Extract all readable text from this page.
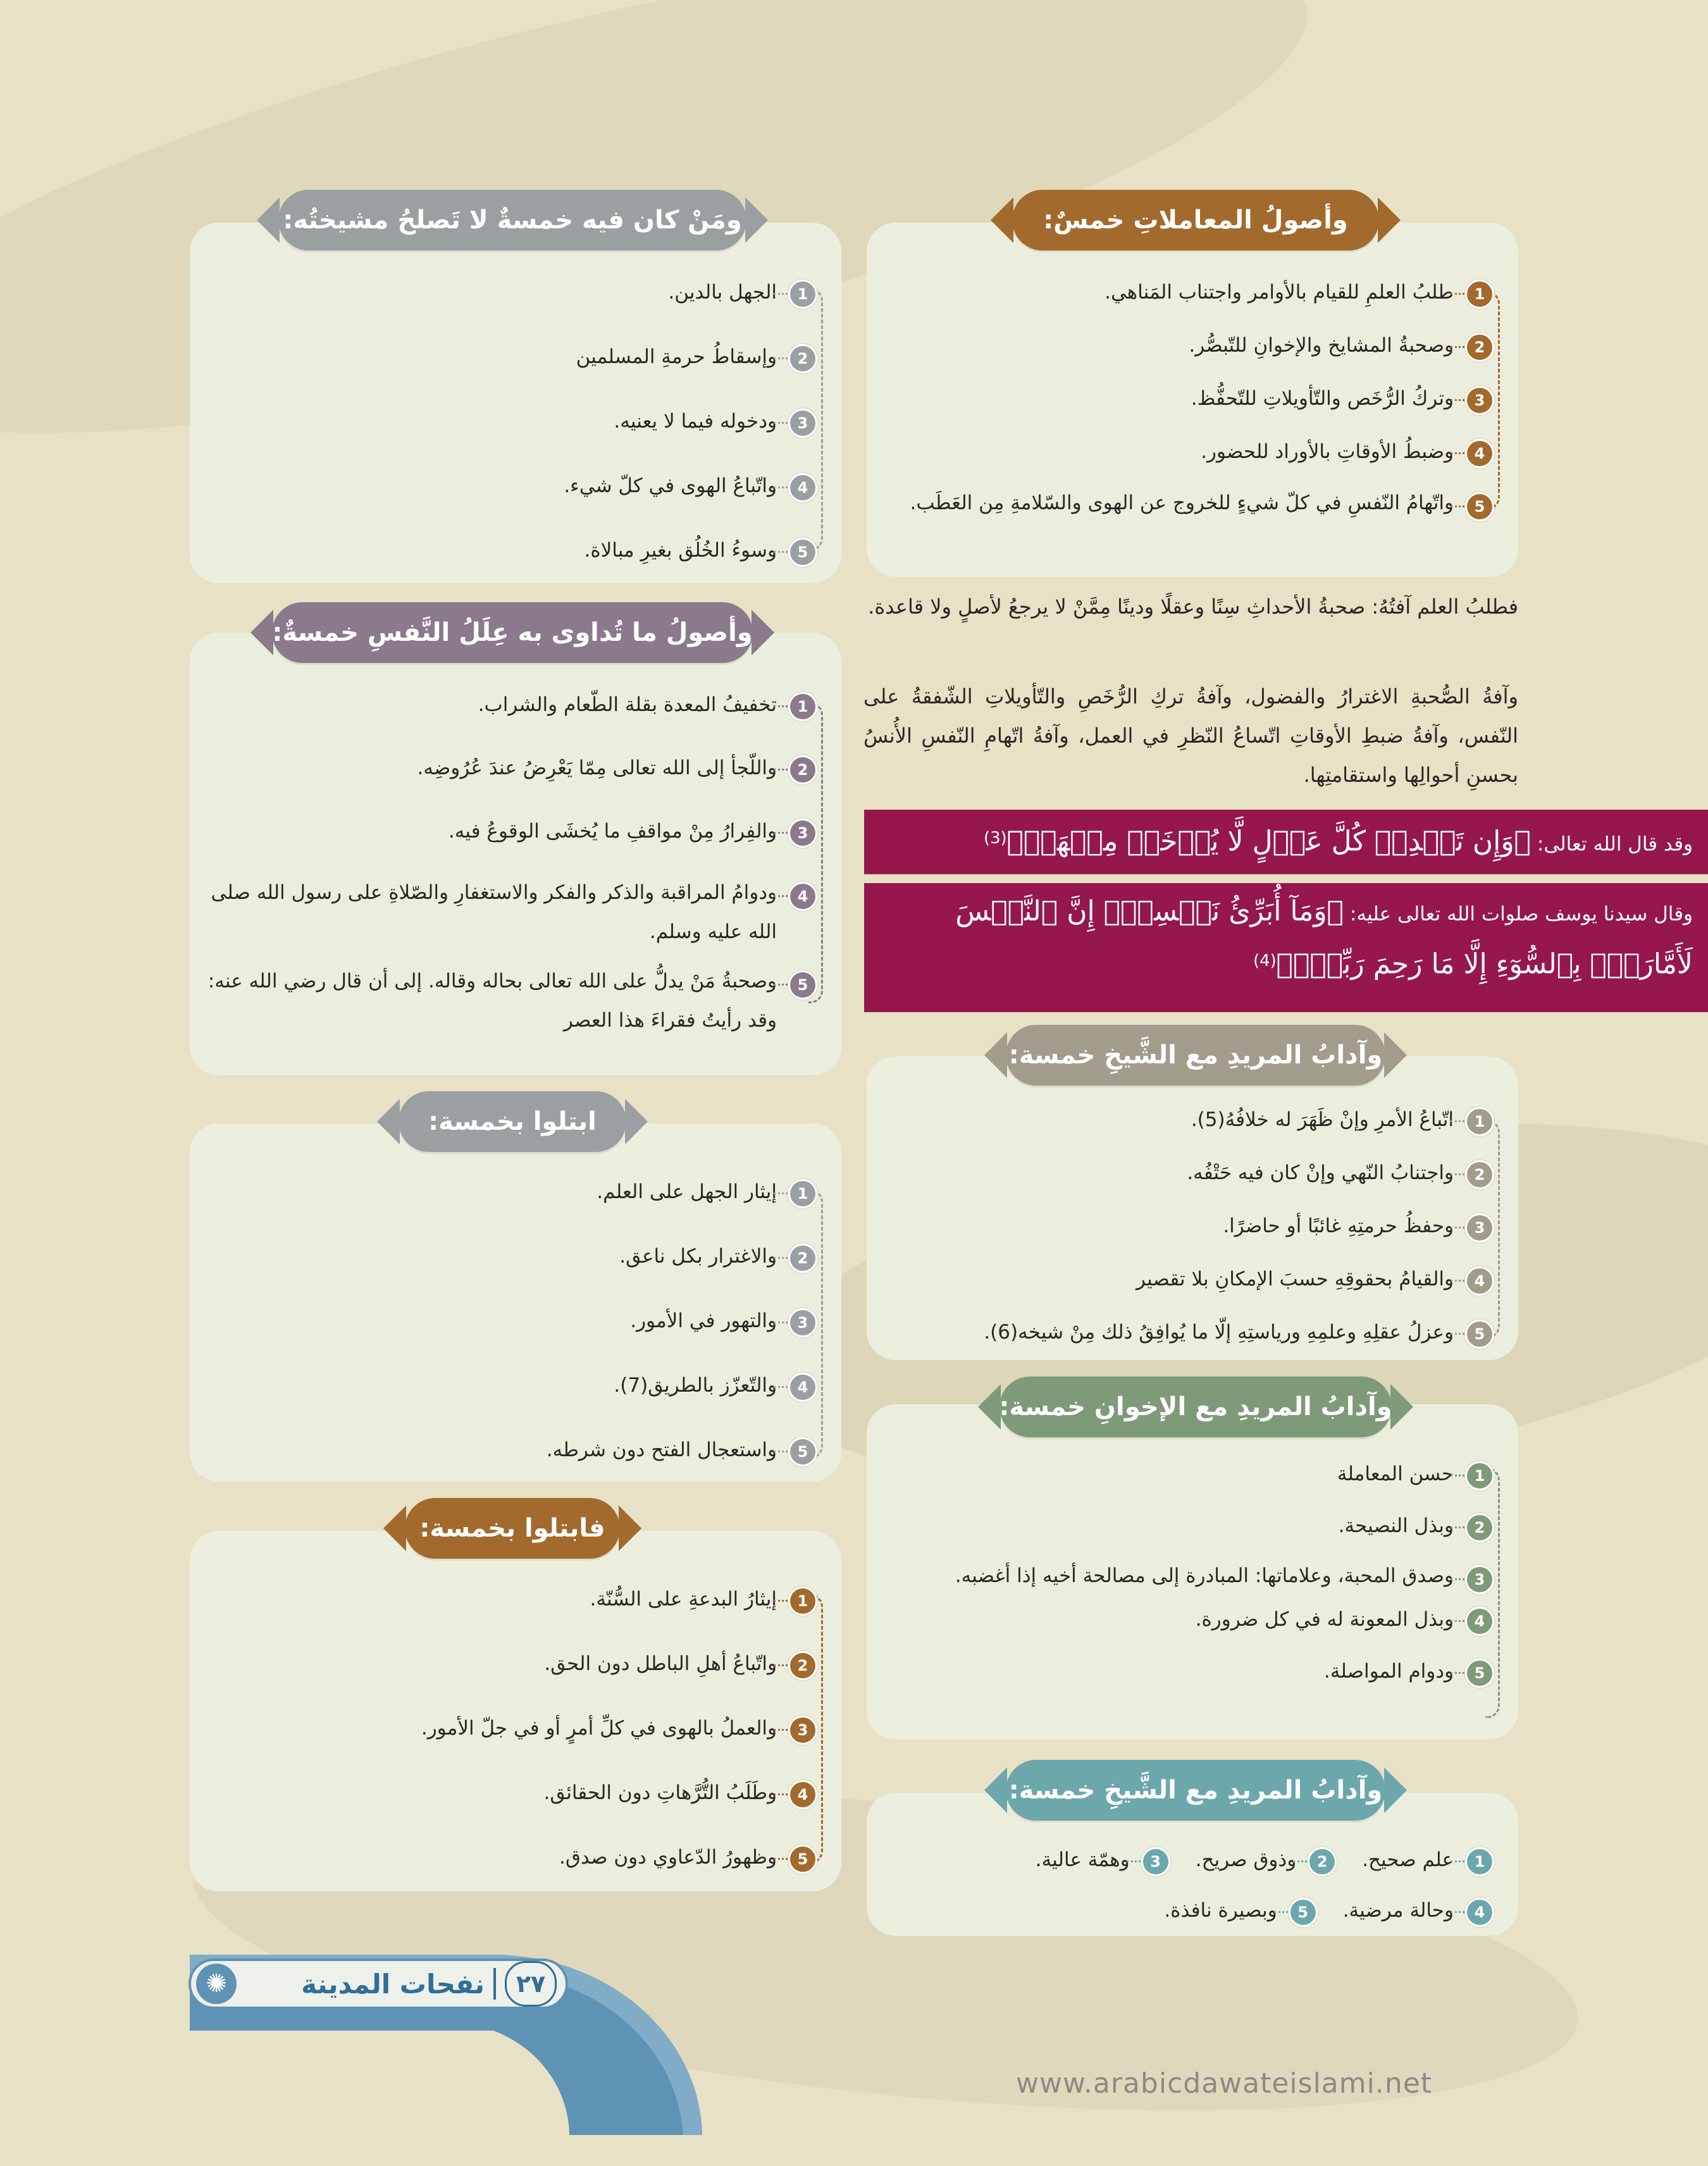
وأصولُ المعاملاتِ خمسٌ:
1
طلبُ العلمِ للقيام بالأوامر واجتناب المَناهي.
2
وصحبةُ المشايخ والإخوانِ للتّبصُّر.
3
وتركُ الرُّخَص والتّأويلاتِ للتّحفُّظ.
4
وضبطُ الأوقاتِ بالأوراد للحضور.
5
واتّهامُ النّفسِ في كلّ شيءٍ للخروج عن الهوى والسّلامةِ مِن العَطَب.
فطلبُ العلم آفتُهُ: صحبةُ الأحداثِ سِنًا وعقلًا ودينًا مِمَّنْ لا يرجعُ لأصلٍ ولا قاعدة.
وآفةُ الصُّحبةِ الاغترارُ والفضول، وآفةُ تركِ الرُّخَصِ والتّأويلاتِ الشّفقةُ على النّفس، وآفةُ ضبطِ الأوقاتِ اتّساعُ النّظرِ في العمل، وآفةُ اتّهامِ النّفسِ الأُنسُ بحسنِ أحوالِها واستقامتِها.
وقد قال الله تعالى: ﴿وَإِن تَعۡدِلۡ كُلَّ عَدۡلٍ لَّا يُؤۡخَذۡ مِنۡهَآۗ﴾$^{(3)}$
وقال سيدنا يوسف صلوات الله تعالى عليه: ﴿وَمَآ أُبَرِّئُ نَفۡسِيٓۚ إِنَّ ٱلنَّفۡسَ لَأَمَّارَةُۢ بِٱلسُّوٓءِ إِلَّا مَا رَحِمَ رَبِّيٓۚ﴾$^{(4)}$
وآدابُ المريدِ مع الشَّيخِ خمسة:
1
اتّباعُ الأمرِ وإنْ ظَهَرَ له خلافُهُ(5).
2
واجتنابُ النّهي وإنْ كان فيه حَتْفُه.
3
وحفظُ حرمتِهِ غائبًا أو حاضرًا.
4
والقيامُ بحقوقِهِ حسبَ الإمكانِ بلا تقصير
5
وعزلُ عقلِهِ وعلمِهِ ورياستِهِ إلّا ما يُوافِقُ ذلك مِنْ شيخه(6).
وآدابُ المريدِ مع الإخوانِ خمسة:
1
حسن المعاملة
2
وبذل النصيحة.
3
وصدق المحبة، وعلاماتها: المبادرة إلى مصالحة أخيه إذا أغضبه.
4
وبذل المعونة له في كل ضرورة.
5
ودوام المواصلة.
وآدابُ المريدِ مع الشَّيخِ خمسة:
1
علم صحيح.
2
وذوق صريح.
3
وهمّة عالية.
4
وحالة مرضية.
5
وبصيرة نافذة.
ومَنْ كان فيه خمسةٌ لا تَصلحُ مشيختُه:
1
الجهل بالدين.
2
وإسقاطُ حرمةِ المسلمين
3
ودخوله فيما لا يعنيه.
4
واتّباعُ الهوى في كلّ شيء.
5
وسوءُ الخُلُق بغيرِ مبالاة.
وأصولُ ما تُداوى به عِلَلُ النَّفسِ خمسةٌ:
1
تخفيفُ المعدة بقلة الطّعام والشراب.
2
واللّجأ إلى الله تعالى مِمّا يَعْرِضُ عندَ عُرُوضِه.
3
والفِرارُ مِنْ مواقفِ ما يُخشَى الوقوعُ فيه.
4
ودوامُ المراقبة والذكر والفكر والاستغفارِ والصّلاةِ على رسول الله صلى الله عليه وسلم.
5
وصحبةُ مَنْ يدلُّ على الله تعالى بحاله وقاله. إلى أن قال رضي الله عنه: وقد رأيتُ فقراءَ هذا العصر
ابتلوا بخمسة:
1
إيثار الجهل على العلم.
2
والاغترار بكل ناعق.
3
والتهور في الأمور.
4
والتّعزّز بالطريق(7).
5
واستعجال الفتح دون شرطه.
فابتلوا بخمسة:
1
إيثارُ البدعةِ على السُّنّة.
2
واتّباعُ أهلِ الباطل دون الحق.
3
والعملُ بالهوى في كلِّ أمرٍ أو في جلّ الأمور.
4
وطَلَبُ التُّرَّهاتِ دون الحقائق.
5
وظهورُ الدّعاوي دون صدق.
٢٧
نفحات المدينة
✺
www.arabicdawateislami.net
